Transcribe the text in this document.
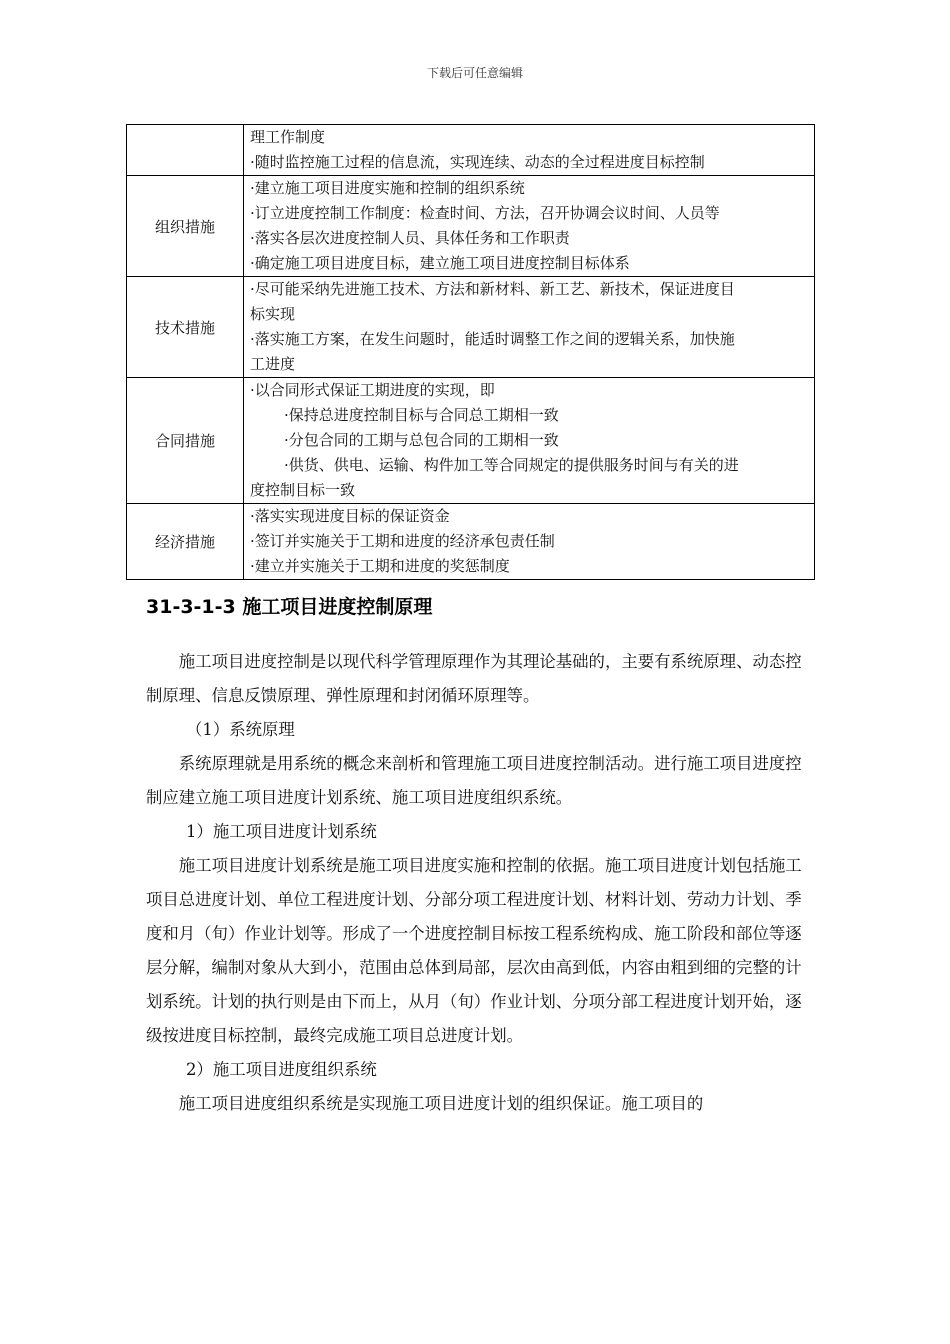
下载后可任意编辑

	理工作制度
·随时监控施工过程的信息流，实现连续、动态的全过程进度目标控制

组织措施	·建立施工项目进度实施和控制的组织系统
·订立进度控制工作制度：检查时间、方法，召开协调会议时间、人员等
·落实各层次进度控制人员、具体任务和工作职责
·确定施工项目进度目标，建立施工项目进度控制目标体系

技术措施	·尽可能采纳先进施工技术、方法和新材料、新工艺、新技术，保证进度目
标实现
·落实施工方案，在发生问题时，能适时调整工作之间的逻辑关系，加快施
工进度

合同措施	·以合同形式保证工期进度的实现，即
·保持总进度控制目标与合同总工期相一致
·分包合同的工期与总包合同的工期相一致
·供货、供电、运输、构件加工等合同规定的提供服务时间与有关的进
度控制目标一致

经济措施	·落实实现进度目标的保证资金
·签订并实施关于工期和进度的经济承包责任制
·建立并实施关于工期和进度的奖惩制度
31-3-1-3 施工项目进度控制原理

施工项目进度控制是以现代科学管理原理作为其理论基础的，主要有系统原理、动态控制原理、信息反馈原理、弹性原理和封闭循环原理等。

（1）系统原理

系统原理就是用系统的概念来剖析和管理施工项目进度控制活动。进行施工项目进度控制应建立施工项目进度计划系统、施工项目进度组织系统。

1）施工项目进度计划系统

施工项目进度计划系统是施工项目进度实施和控制的依据。施工项目进度计划包括施工项目总进度计划、单位工程进度计划、分部分项工程进度计划、材料计划、劳动力计划、季度和月（旬）作业计划等。形成了一个进度控制目标按工程系统构成、施工阶段和部位等逐层分解，编制对象从大到小，范围由总体到局部，层次由高到低，内容由粗到细的完整的计划系统。计划的执行则是由下而上，从月（旬）作业计划、分项分部工程进度计划开始，逐级按进度目标控制，最终完成施工项目总进度计划。

2）施工项目进度组织系统

施工项目进度组织系统是实现施工项目进度计划的组织保证。施工项目的
